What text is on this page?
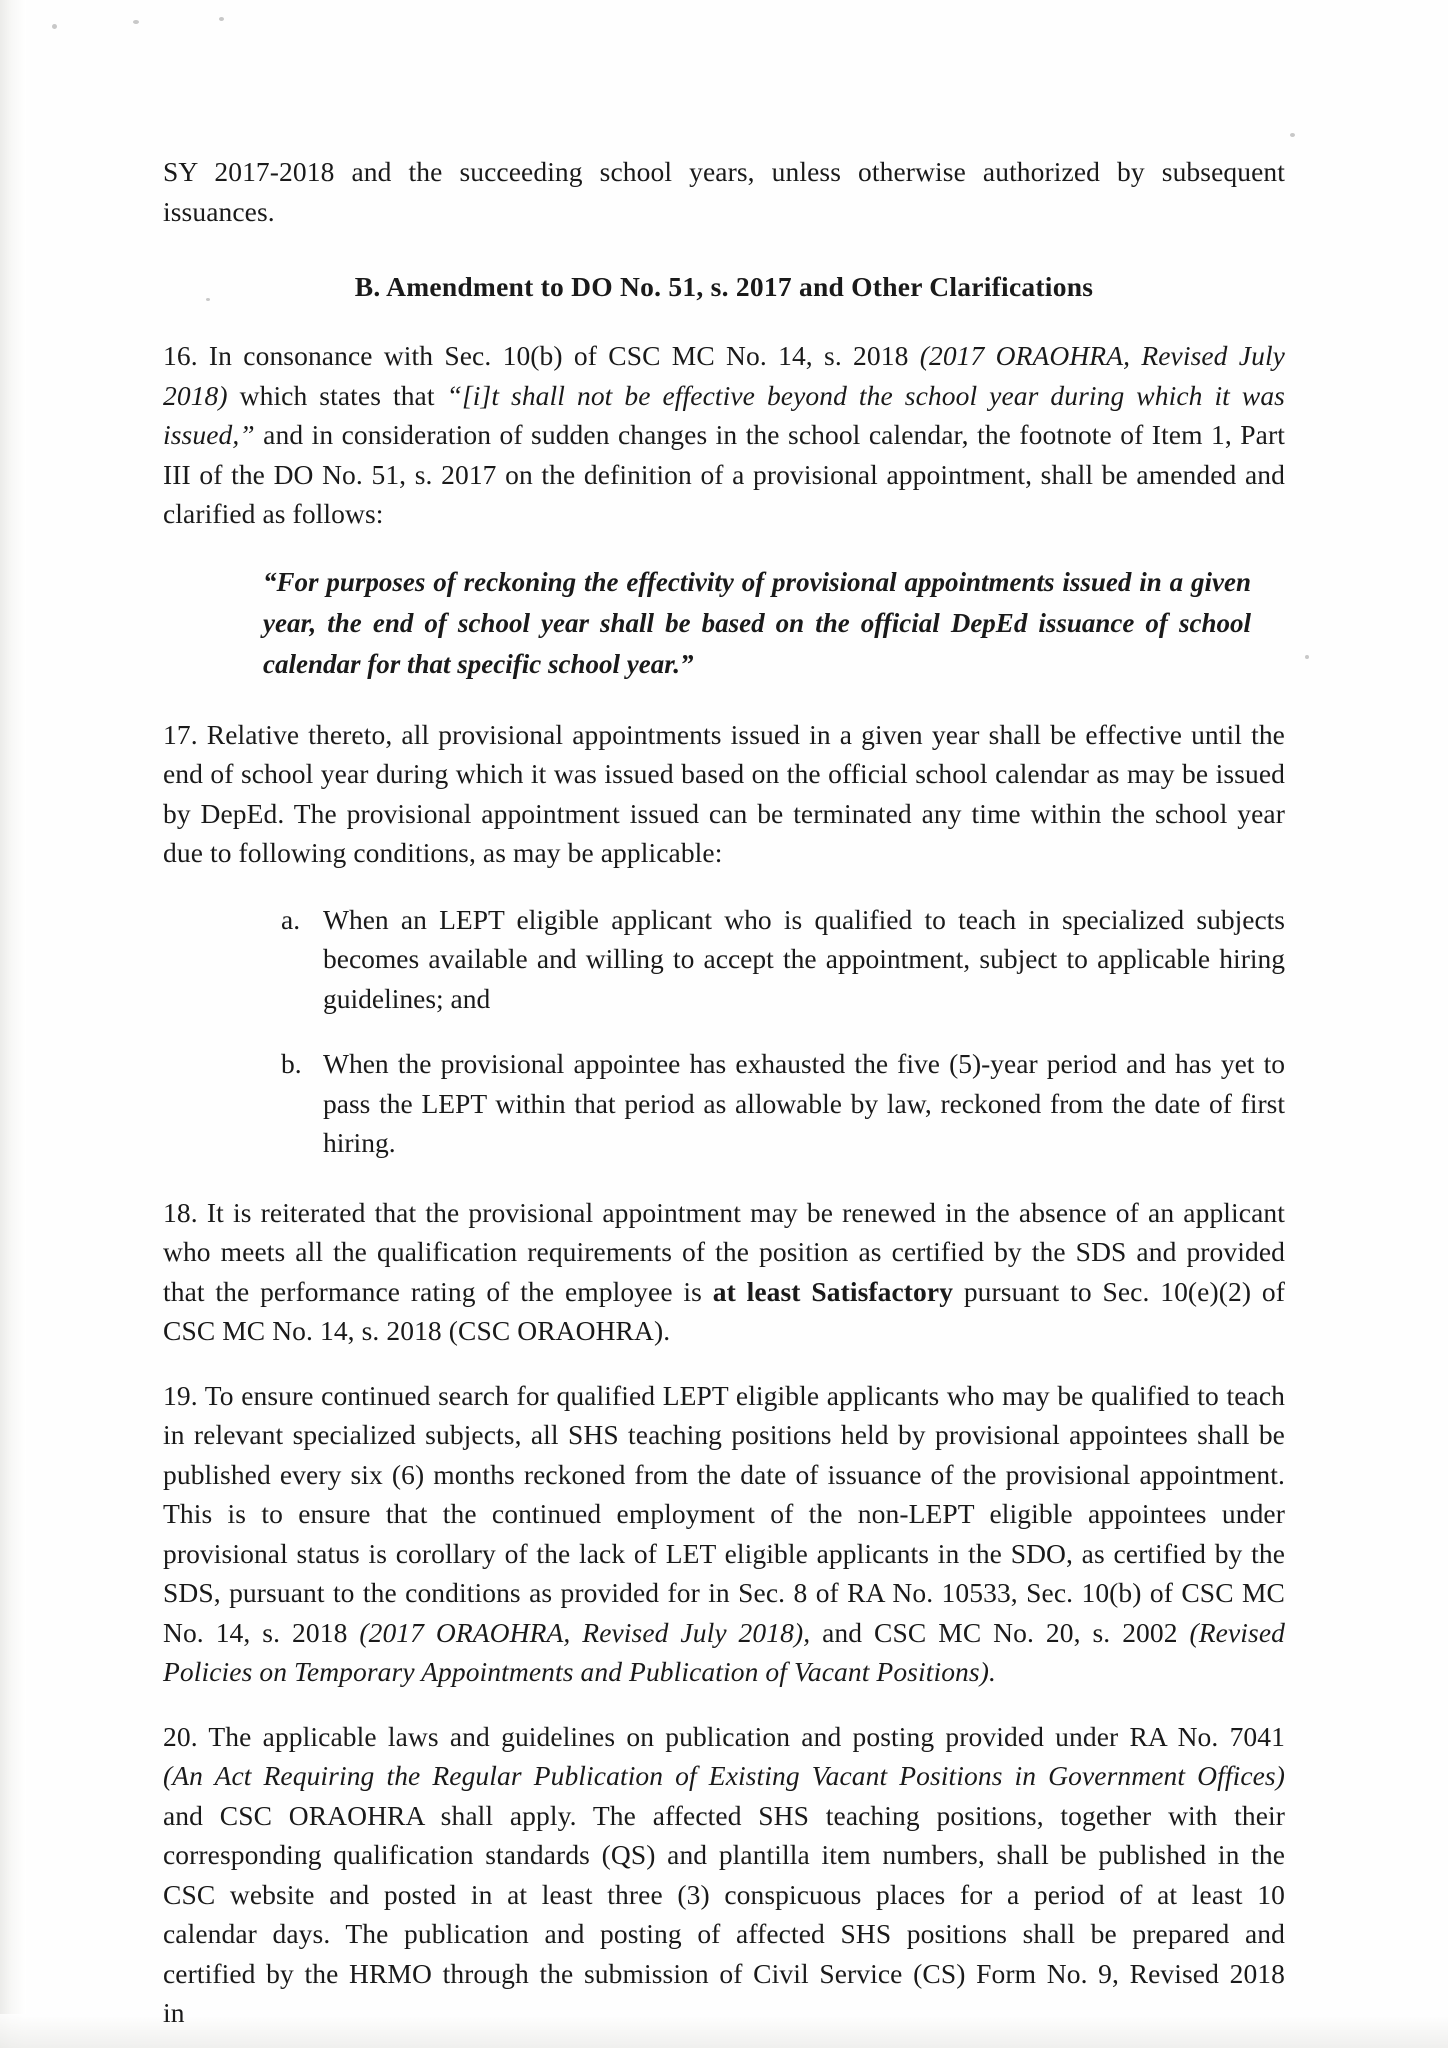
SY 2017-2018 and the succeeding school years, unless otherwise authorized by subsequent issuances.
B. Amendment to DO No. 51, s. 2017 and Other Clarifications

16. In consonance with Sec. 10(b) of CSC MC No. 14, s. 2018 (2017 ORAOHRA, Revised July 2018) which states that “[i]t shall not be effective beyond the school year during which it was issued,” and in consideration of sudden changes in the school calendar, the footnote of Item 1, Part III of the DO No. 51, s. 2017 on the definition of a provisional appointment, shall be amended and clarified as follows:

“For purposes of reckoning the effectivity of provisional appointments issued in a given year, the end of school year shall be based on the official DepEd issuance of school calendar for that specific school year.”

17. Relative thereto, all provisional appointments issued in a given year shall be effective until the end of school year during which it was issued based on the official school calendar as may be issued by DepEd. The provisional appointment issued can be terminated any time within the school year due to following conditions, as may be applicable:

a. When an LEPT eligible applicant who is qualified to teach in specialized subjects becomes available and willing to accept the appointment, subject to applicable hiring guidelines; and
b. When the provisional appointee has exhausted the five (5)-year period and has yet to pass the LEPT within that period as allowable by law, reckoned from the date of first hiring.

18. It is reiterated that the provisional appointment may be renewed in the absence of an applicant who meets all the qualification requirements of the position as certified by the SDS and provided that the performance rating of the employee is at least Satisfactory pursuant to Sec. 10(e)(2) of CSC MC No. 14, s. 2018 (CSC ORAOHRA).

19. To ensure continued search for qualified LEPT eligible applicants who may be qualified to teach in relevant specialized subjects, all SHS teaching positions held by provisional appointees shall be published every six (6) months reckoned from the date of issuance of the provisional appointment. This is to ensure that the continued employment of the non-LEPT eligible appointees under provisional status is corollary of the lack of LET eligible applicants in the SDO, as certified by the SDS, pursuant to the conditions as provided for in Sec. 8 of RA No. 10533, Sec. 10(b) of CSC MC No. 14, s. 2018 (2017 ORAOHRA, Revised July 2018), and CSC MC No. 20, s. 2002 (Revised Policies on Temporary Appointments and Publication of Vacant Positions).

20. The applicable laws and guidelines on publication and posting provided under RA No. 7041 (An Act Requiring the Regular Publication of Existing Vacant Positions in Government Offices) and CSC ORAOHRA shall apply. The affected SHS teaching positions, together with their corresponding qualification standards (QS) and plantilla item numbers, shall be published in the CSC website and posted in at least three (3) conspicuous places for a period of at least 10 calendar days. The publication and posting of affected SHS positions shall be prepared and certified by the HRMO through the submission of Civil Service (CS) Form No. 9, Revised 2018 in
